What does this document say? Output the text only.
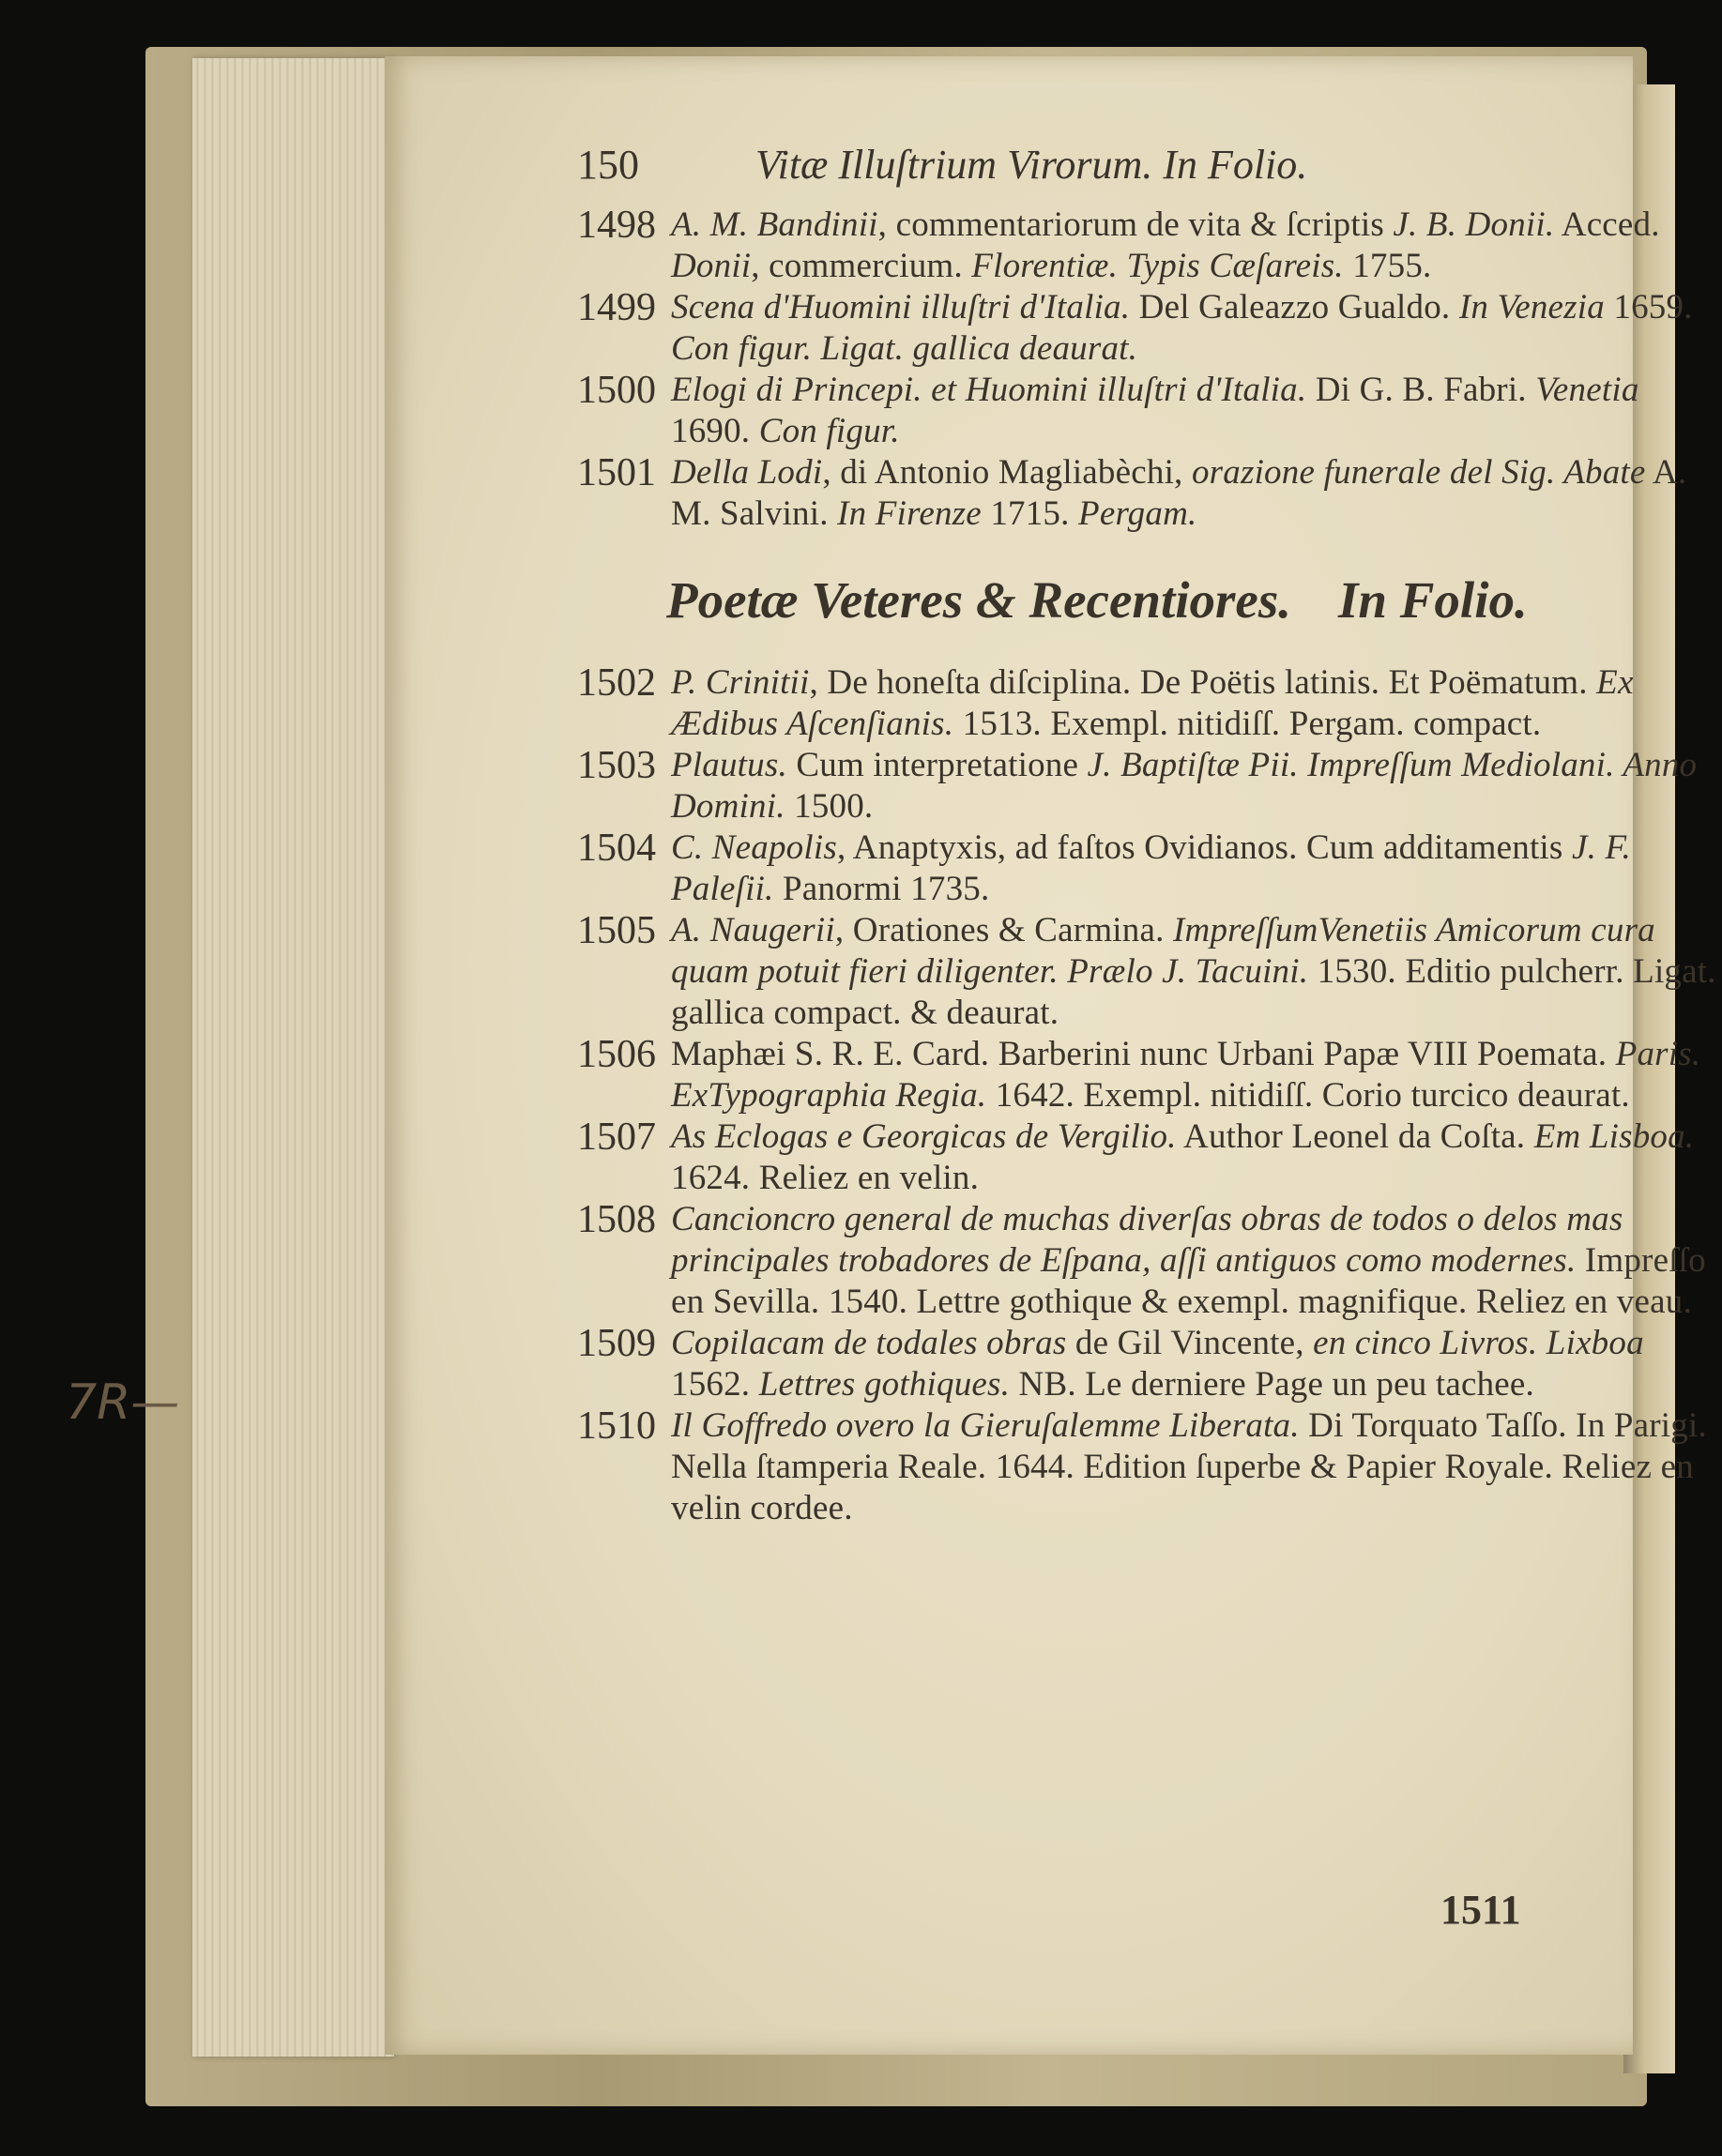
150	Vitæ Illuſtrium Virorum. In Folio.
1498 A. M. Bandinii, commentariorum de vita & ſcriptis J. B. Donii. Acced. Donii, commercium. Florentiæ. Typis Cæſareis. 1755.
1499 Scena d'Huomini illuſtri d'Italia. Del Galeazzo Gualdo. In Venezia 1659. Con figur. Ligat. gallica deaurat.
1500 Elogi di Princepi. et Huomini illuſtri d'Italia. Di G. B. Fabri. Venetia 1690. Con figur.
1501 Della Lodi, di Antonio Magliabèchi, orazione funerale del Sig. Abate A. M. Salvini. In Firenze 1715. Pergam.
Poetæ Veteres & Recentiores. In Folio.
1502 P. Crinitii, De honeſta diſciplina. De Poëtis latinis. Et Poëmatum. Ex Ædibus Aſcenſianis. 1513. Exempl. nitidiſſ. Pergam. compact.
1503 Plautus. Cum interpretatione J. Baptiſtæ Pii. Impreſſum Mediolani. Anno Domini. 1500.
1504 C. Neapolis, Anaptyxis, ad faſtos Ovidianos. Cum additamentis J. F. Paleſii. Panormi 1735.
1505 A. Naugerii, Orationes & Carmina. ImpreſſumVenetiis Amicorum cura quam potuit fieri diligenter. Prælo J. Tacuini. 1530. Editio pulcherr. Ligat. gallica compact. & deaurat.
1506 Maphæi S. R. E. Card. Barberini nunc Urbani Papæ VIII Poemata. Paris. ExTypographia Regia. 1642. Exempl. nitidiſſ. Corio turcico deaurat.
1507 As Eclogas e Georgicas de Vergilio. Author Leonel da Coſta. Em Lisboa. 1624. Reliez en velin.
1508 Cancioncro general de muchas diverſas obras de todos o delos mas principales trobadores de Eſpana, aſſi antiguos como modernes. Impreſſo en Sevilla. 1540. Lettre gothique & exempl. magnifique. Reliez en veau.
1509 Copilacam de todales obras de Gil Vincente, en cinco Livros. Lixboa 1562. Lettres gothiques. NB. Le derniere Page un peu tachee.
1510 Il Goffredo overo la Gieruſalemme Liberata. Di Torquato Taſſo. In Parigi. Nella ſtamperia Reale. 1644. Edition ſuperbe & Papier Royale. Reliez en velin cordee.
1511
7R—
